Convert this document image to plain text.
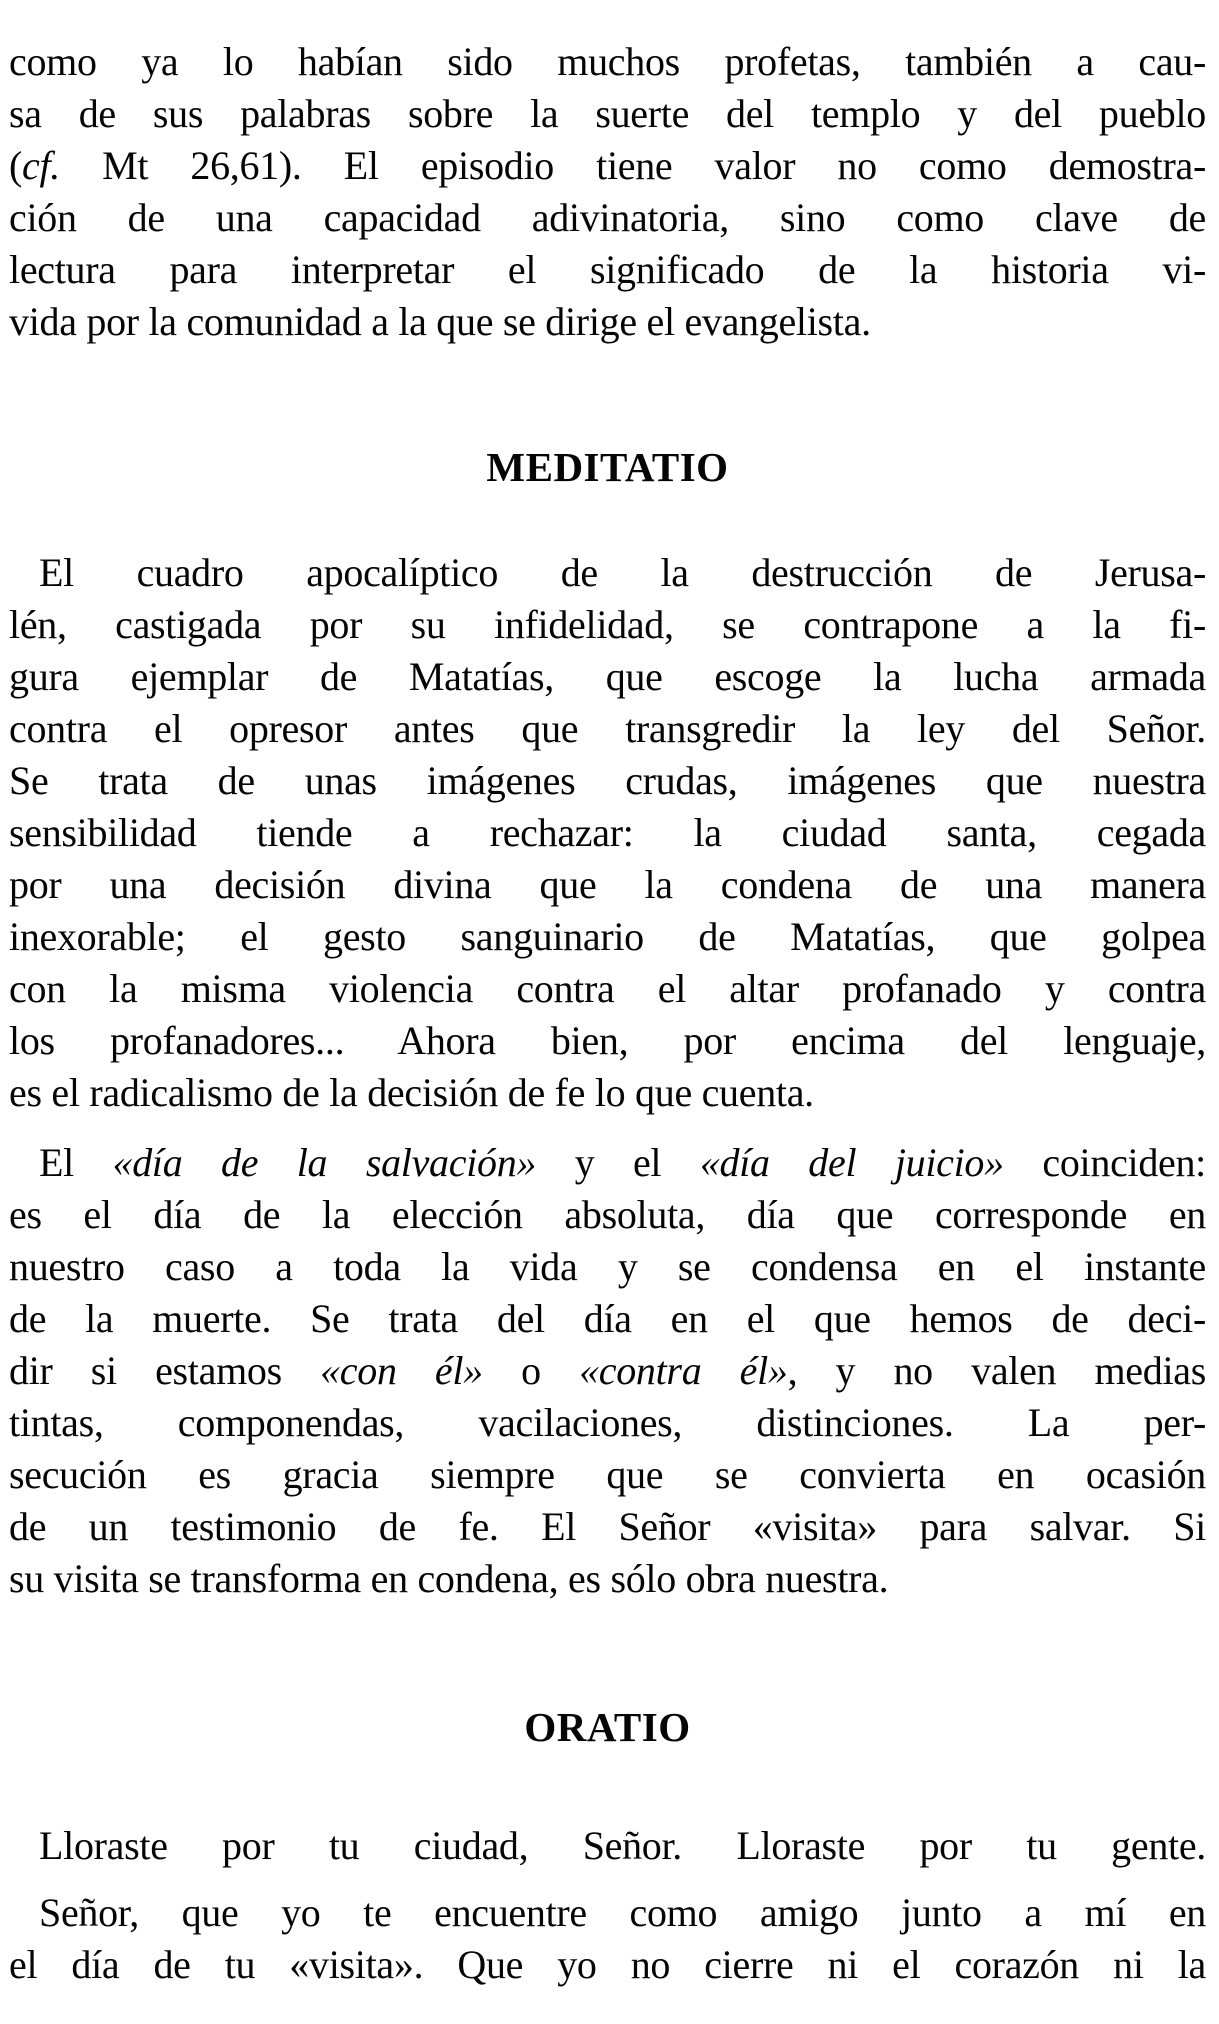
como ya lo habían sido muchos profetas, también a cau-
sa de sus palabras sobre la suerte del templo y del pueblo
(cf. Mt 26,61). El episodio tiene valor no como demostra-
ción de una capacidad adivinatoria, sino como clave de
lectura para interpretar el significado de la historia vi-
vida por la comunidad a la que se dirige el evangelista.
MEDITATIO
El cuadro apocalíptico de la destrucción de Jerusa-
lén, castigada por su infidelidad, se contrapone a la fi-
gura ejemplar de Matatías, que escoge la lucha armada
contra el opresor antes que transgredir la ley del Señor.
Se trata de unas imágenes crudas, imágenes que nuestra
sensibilidad tiende a rechazar: la ciudad santa, cegada
por una decisión divina que la condena de una manera
inexorable; el gesto sanguinario de Matatías, que golpea
con la misma violencia contra el altar profanado y contra
los profanadores... Ahora bien, por encima del lenguaje,
es el radicalismo de la decisión de fe lo que cuenta.
El «día de la salvación» y el «día del juicio» coinciden:
es el día de la elección absoluta, día que corresponde en
nuestro caso a toda la vida y se condensa en el instante
de la muerte. Se trata del día en el que hemos de deci-
dir si estamos «con él» o «contra él», y no valen medias
tintas, componendas, vacilaciones, distinciones. La per-
secución es gracia siempre que se convierta en ocasión
de un testimonio de fe. El Señor «visita» para salvar. Si
su visita se transforma en condena, es sólo obra nuestra.
ORATIO
Lloraste por tu ciudad, Señor. Lloraste por tu gente.
Señor, que yo te encuentre como amigo junto a mí en
el día de tu «visita». Que yo no cierre ni el corazón ni la
